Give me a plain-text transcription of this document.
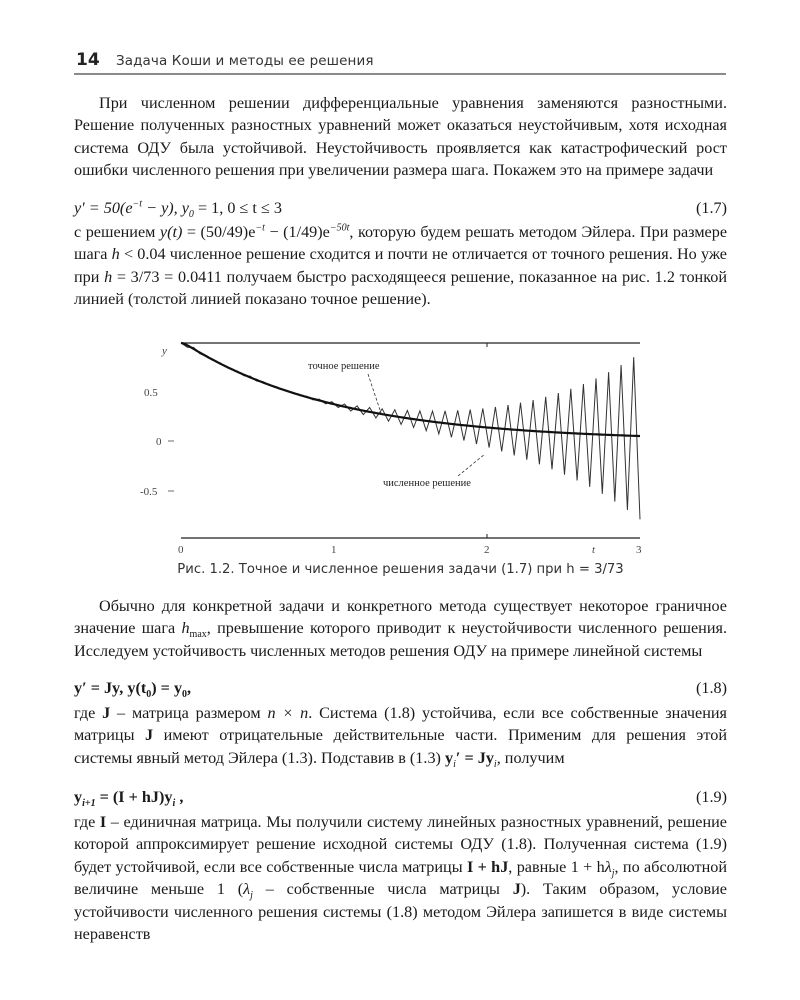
14 Задача Коши и методы ее решения

При численном решении дифференциальные уравнения заменяются разностными. Решение полученных разностных уравнений может оказаться неустойчивым, хотя исходная система ОДУ была устойчивой. Неустойчивость проявляется как катастрофический рост ошибки численного решения при увеличении размера шага. Покажем это на примере задачи

$y' = 50(e^{-t} - y)$, $y_0 = 1$, 0 ≤ t ≤ 3	(1.7)

с решением $y(t) = (50/49)e^{-t} - (1/49)e^{-50t}$, которую будем решать методом Эйлера. При размере шага h < 0.04 численное решение сходится и почти не отличается от точного решения. Но уже при h = 3/73 = 0.0411 получаем быстро расходящееся решение, показанное на рис. 1.2 тонкой линией (толстой линией показано точное решение).

y
0.5
0
-0.5
0	1	2	t	3
точное решение
численное решение
Рис. 1.2. Точное и численное решения задачи (1.7) при h = 3/73

Обычно для конкретной задачи и конкретного метода существует некоторое граничное значение шага $h_{max}$, превышение которого приводит к неустойчивости численного решения. Исследуем устойчивость численных методов решения ОДУ на примере линейной системы

y′ = Jy, $y(t_0) = y_0$,	(1.8)

где J – матрица размером n × n. Система (1.8) устойчива, если все собственные значения матрицы J имеют отрицательные действительные части. Применим для решения этой системы явный метод Эйлера (1.3). Подставив в (1.3) $y_i' = Jy_i$, получим

$y_{i+1} = (I + hJ)y_i$ ,	(1.9)

где I – единичная матрица. Мы получили систему линейных разностных уравнений, решение которой аппроксимирует решение исходной системы ОДУ (1.8). Полученная система (1.9) будет устойчивой, если все собственные числа матрицы I + hJ, равные $1 + h\lambda_j$, по абсолютной величине меньше 1 ($\lambda_j$ – собственные числа матрицы J). Таким образом, условие устойчивости численного решения системы (1.8) методом Эйлера запишется в виде системы неравенств
